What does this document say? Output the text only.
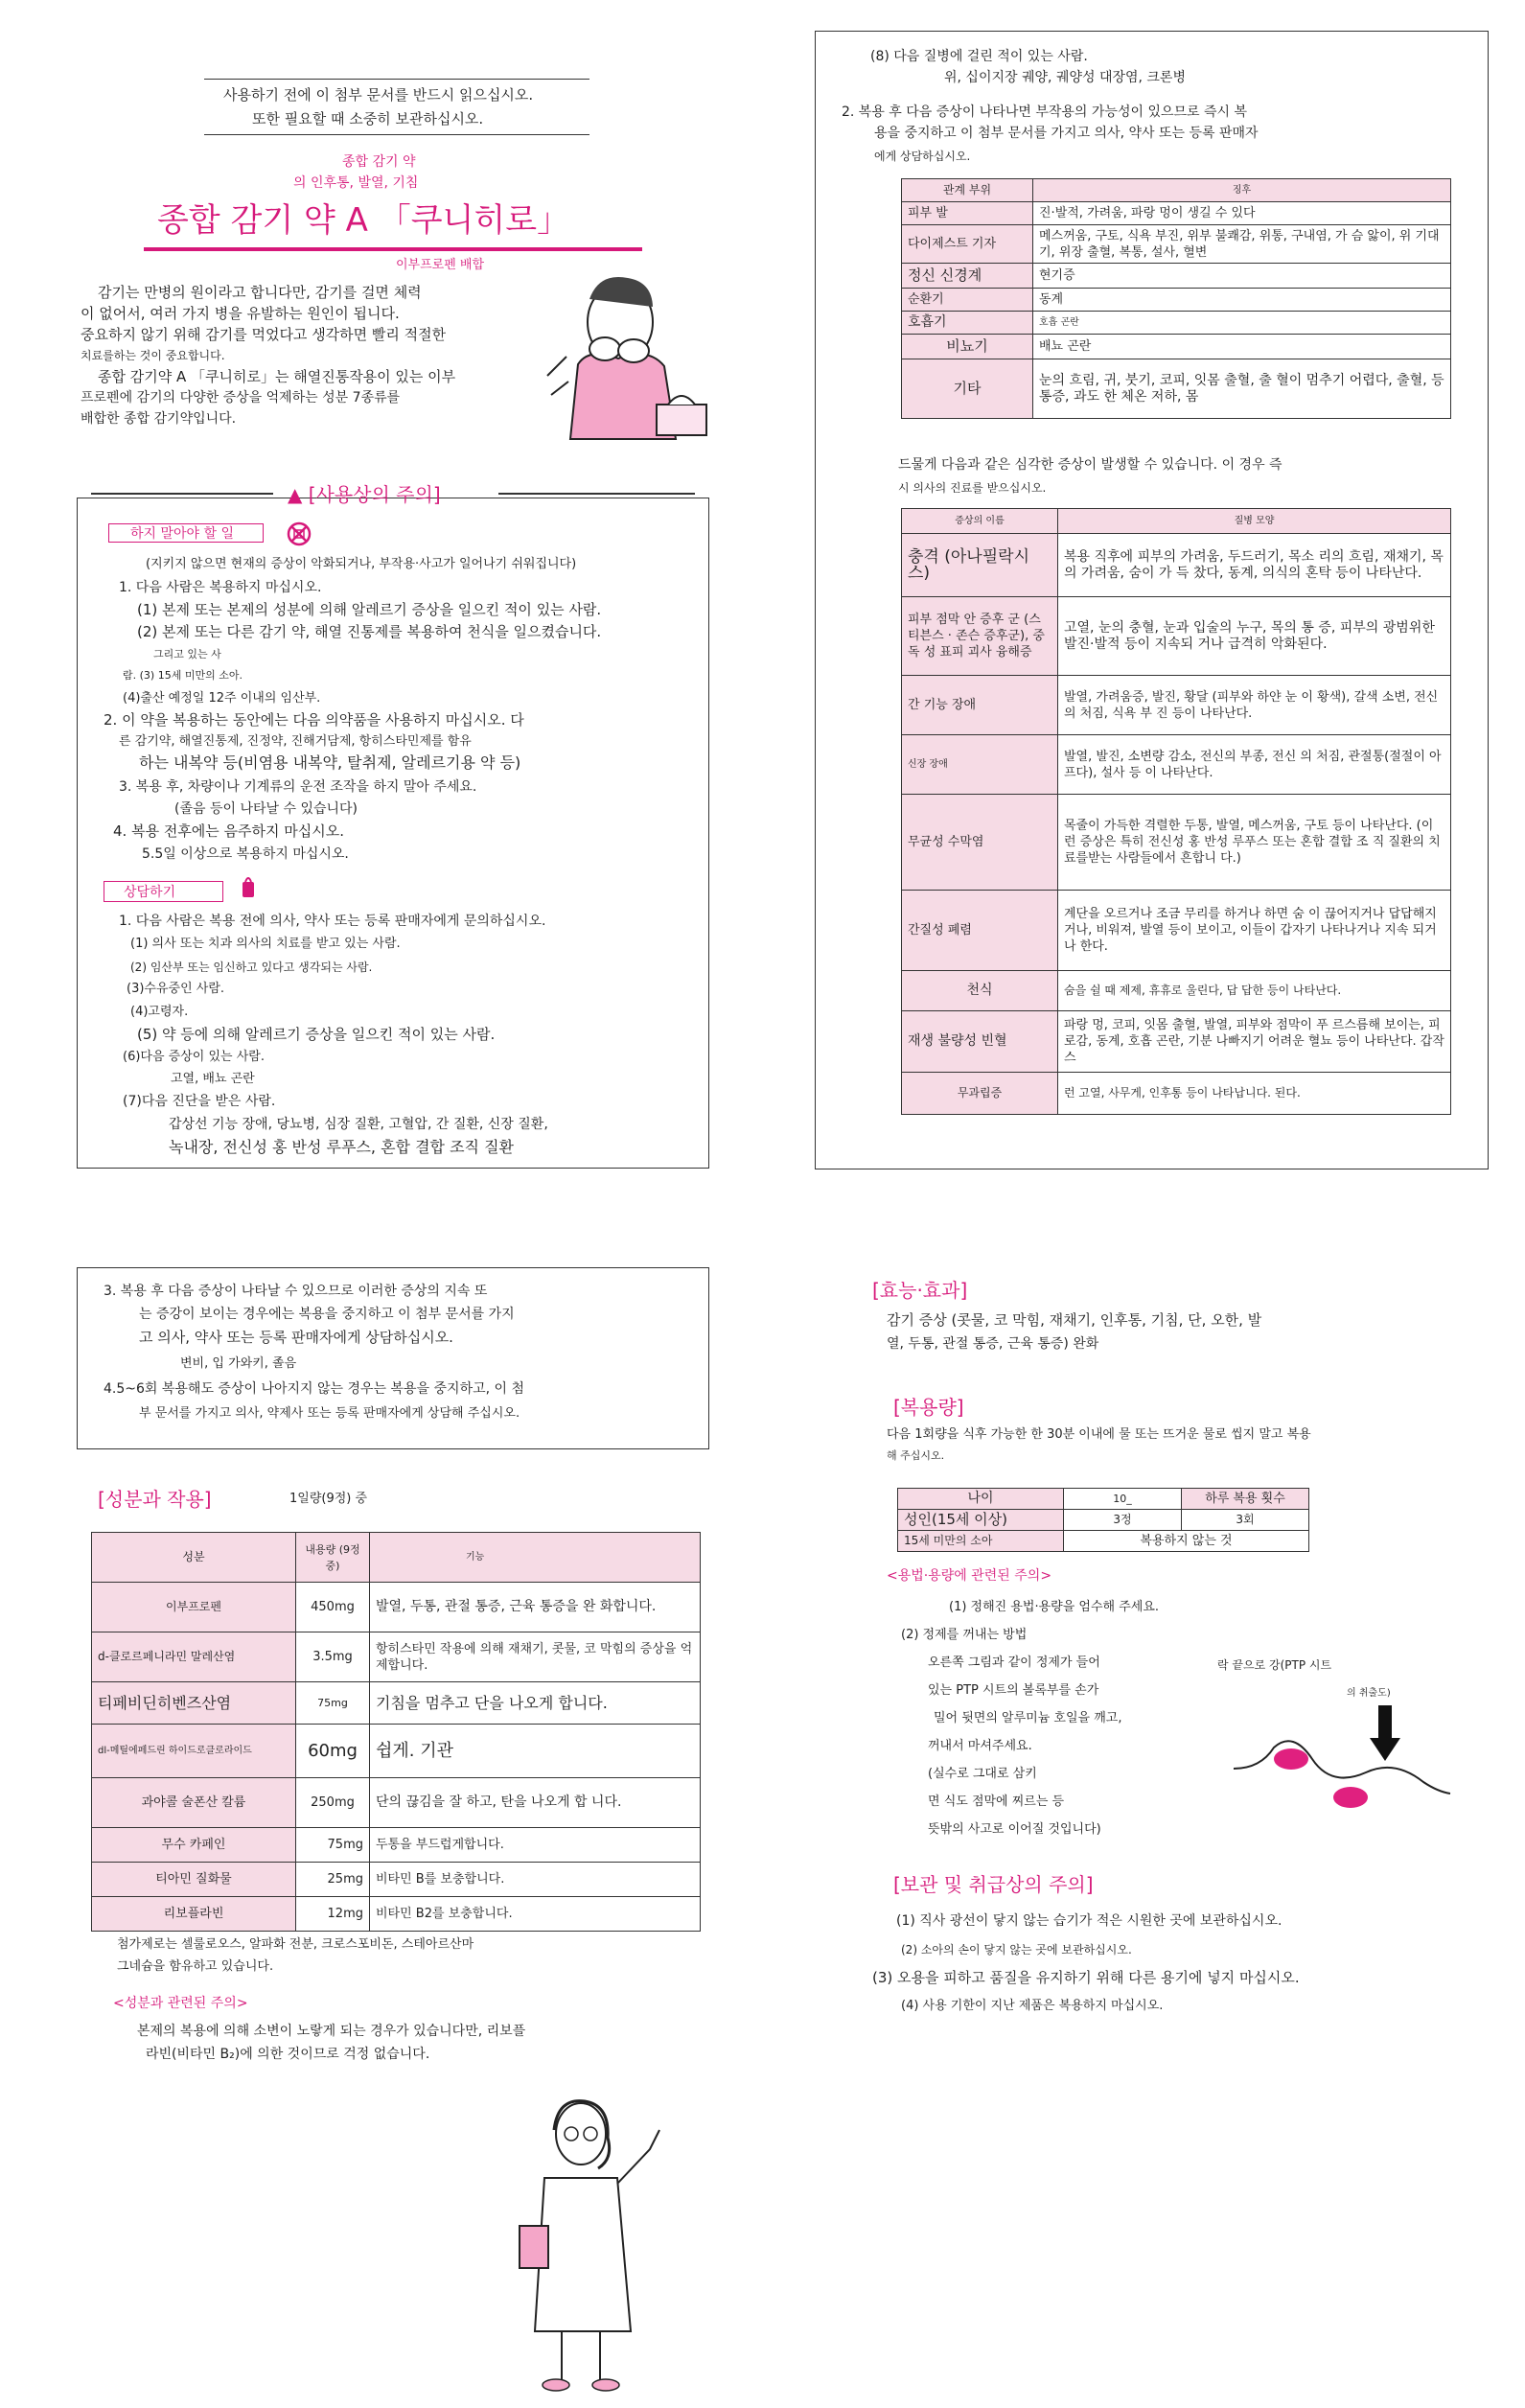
사용하기 전에 이 첨부 문서를 반드시 읽으십시오.
또한 필요할 때 소중히 보관하십시오.
종합 감기 약
의 인후통, 발열, 기침
종합 감기 약 A 「쿠니히로」
이부프로펜 배합
감기는 만병의 원이라고 합니다만, 감기를 걸면 체력
이 없어서, 여러 가지 병을 유발하는 원인이 됩니다.
중요하지 않기 위해 감기를 먹었다고 생각하면 빨리 적절한
치료를하는 것이 중요합니다.
종합 감기약 A 「쿠니히로」는 해열진통작용이 있는 이부
프로펜에 감기의 다양한 증상을 억제하는 성분 7종류를
배합한 종합 감기약입니다.
▲ [사용상의 주의]
하지 말아야 할 일
(지키지 않으면 현재의 증상이 악화되거나, 부작용·사고가 일어나기 쉬워집니다)
1. 다음 사람은 복용하지 마십시오.
(1) 본제 또는 본제의 성분에 의해 알레르기 증상을 일으킨 적이 있는 사람.
(2) 본제 또는 다른 감기 약, 해열 진통제를 복용하여 천식을 일으켰습니다.
그리고 있는 사
람. (3) 15세 미만의 소아.
(4)출산 예정일 12주 이내의 임산부.
2. 이 약을 복용하는 동안에는 다음 의약품을 사용하지 마십시오. 다
른 감기약, 해열진통제, 진정약, 진해거담제, 항히스타민제를 함유
하는 내복약 등(비염용 내복약, 탈취제, 알레르기용 약 등)
3. 복용 후, 차량이나 기계류의 운전 조작을 하지 말아 주세요.
(졸음 등이 나타날 수 있습니다)
4. 복용 전후에는 음주하지 마십시오.
5.5일 이상으로 복용하지 마십시오.
상담하기
1. 다음 사람은 복용 전에 의사, 약사 또는 등록 판매자에게 문의하십시오.
(1) 의사 또는 치과 의사의 치료를 받고 있는 사람.
(2) 임산부 또는 임신하고 있다고 생각되는 사람.
(3)수유중인 사람.
(4)고령자.
(5) 약 등에 의해 알레르기 증상을 일으킨 적이 있는 사람.
(6)다음 증상이 있는 사람.
고열, 배뇨 곤란
(7)다음 진단을 받은 사람.
갑상선 기능 장애, 당뇨병, 심장 질환, 고혈압, 간 질환, 신장 질환,
녹내장, 전신성 홍 반성 루푸스, 혼합 결합 조직 질환
(8) 다음 질병에 걸린 적이 있는 사람.
위, 십이지장 궤양, 궤양성 대장염, 크론병
2. 복용 후 다음 증상이 나타나면 부작용의 가능성이 있으므로 즉시 복
용을 중지하고 이 첨부 문서를 가지고 의사, 약사 또는 등록 판매자
에게 상담하십시오.
관계 부위	징후
피부 발	진·발적, 가려움, 파랑 멍이 생길 수 있다
다이제스트 기자	메스꺼움, 구토, 식욕 부진, 위부 불쾌감, 위통, 구내염, 가 슴 앓이, 위 기대기, 위장 출혈, 복통, 설사, 혈변
정신 신경계	현기증
순환기	동계
호흡기	호흡 곤란
비뇨기	배뇨 곤란
기타	눈의 흐림, 귀, 붓기, 코피, 잇몸 출혈, 출 혈이 멈추기 어렵다, 출혈, 등 통증, 과도 한 체온 저하, 몸
드물게 다음과 같은 심각한 증상이 발생할 수 있습니다. 이 경우 즉
시 의사의 진료를 받으십시오.
증상의 이름	질병 모양
충격 (아나필락시스)	복용 직후에 피부의 가려움, 두드러기, 목소 리의 흐림, 재채기, 목의 가려움, 숨이 가 득 찼다, 동계, 의식의 혼탁 등이 나타난다.
피부 점막 안 증후 군 (스티븐스 · 존슨 증후군), 중독 성 표피 괴사 융해증	고열, 눈의 충혈, 눈과 입술의 누구, 목의 통 증, 피부의 광범위한 발진·발적 등이 지속되 거나 급격히 악화된다.
간 기능 장애	발열, 가려움증, 발진, 황달 (피부와 하얀 눈 이 황색), 갈색 소변, 전신의 처짐, 식욕 부 진 등이 나타난다.
신장 장애	발열, 발진, 소변량 감소, 전신의 부종, 전신 의 처짐, 관절통(절절이 아프다), 설사 등 이 나타난다.
무균성 수막염	목줄이 가득한 격렬한 두통, 발열, 메스꺼움, 구토 등이 나타난다. (이런 증상은 특히 전신성 홍 반성 루푸스 또는 혼합 결합 조 직 질환의 치료를받는 사람들에서 흔합니 다.)
간질성 폐렴	계단을 오르거나 조금 무리를 하거나 하면 숨 이 끊어지거나 답답해지거나, 비워져, 발열 등이 보이고, 이들이 갑자기 나타나거나 지속 되거나 한다.
천식	숨을 쉴 때 제제, 휴휴로 울린다, 답 답한 등이 나타난다.
재생 불량성 빈혈	파랑 멍, 코피, 잇몸 출혈, 발열, 피부와 점막이 푸 르스름해 보이는, 피로감, 동계, 호흡 곤란, 기분 나빠지기 어려운 혈뇨 등이 나타난다. 갑작스
무과립증	런 고열, 사무게, 인후통 등이 나타납니다. 된다.
3. 복용 후 다음 증상이 나타날 수 있으므로 이러한 증상의 지속 또
는 증강이 보이는 경우에는 복용을 중지하고 이 첨부 문서를 가지
고 의사, 약사 또는 등록 판매자에게 상담하십시오.
변비, 입 가와키, 졸음
4.5~6회 복용해도 증상이 나아지지 않는 경우는 복용을 중지하고, 이 첨
부 문서를 가지고 의사, 약제사 또는 등록 판매자에게 상담해 주십시오.
[성분과 작용]	1일량(9정) 중
성분	내용량 (9정중)	기능
이부프로펜	450mg	발열, 두통, 관절 통증, 근육 통증을 완 화합니다.
d-클로르페니라민 말레산염	3.5mg	항히스타민 작용에 의해 재채기, 콧물, 코 막힘의 증상을 억제합니다.
티페비딘히벤즈산염	75mg	기침을 멈추고 단을 나오게 합니다.
dl-메틸에페드린 하이드로클로라이드	60mg	쉽게. 기관
과야콜 술폰산 칼륨	250mg	단의 끊김을 잘 하고, 탄을 나오게 합 니다.
무수 카페인	75mg	두통을 부드럽게합니다.
티아민 질화물	25mg	비타민 B를 보충합니다.
리보플라빈	12mg	비타민 B2를 보충합니다.
첨가제로는 셀룰로오스, 알파화 전분, 크로스포비돈, 스테아르산마
그네슘을 함유하고 있습니다.
<성분과 관련된 주의>
본제의 복용에 의해 소변이 노랗게 되는 경우가 있습니다만, 리보플
라빈(비타민 B₂)에 의한 것이므로 걱정 없습니다.
[효능·효과]
감기 증상 (콧물, 코 막힘, 재채기, 인후통, 기침, 단, 오한, 발
열, 두통, 관절 통증, 근육 통증) 완화
[복용량]
다음 1회량을 식후 가능한 한 30분 이내에 물 또는 뜨거운 물로 씹지 말고 복용
해 주십시오.
나이	10_	하루 복용 횟수
성인(15세 이상)	3정	3회
15세 미만의 소아	복용하지 않는 것	
<용법·용량에 관련된 주의>
(1) 정해진 용법·용량을 엄수해 주세요.
(2) 정제를 꺼내는 방법
오른쪽 그림과 같이 정제가 들어
있는 PTP 시트의 볼록부를 손가
밀어 뒷면의 알루미늄 호일을 깨고,
꺼내서 마셔주세요.
(실수로 그대로 삼키
면 식도 점막에 찌르는 등
뜻밖의 사고로 이어질 것입니다)
락 끝으로 강(PTP 시트
의 취출도)
[보관 및 취급상의 주의]
(1) 직사 광선이 닿지 않는 습기가 적은 시원한 곳에 보관하십시오.
(2) 소아의 손이 닿지 않는 곳에 보관하십시오.
(3) 오용을 피하고 품질을 유지하기 위해 다른 용기에 넣지 마십시오.
(4) 사용 기한이 지난 제품은 복용하지 마십시오.
